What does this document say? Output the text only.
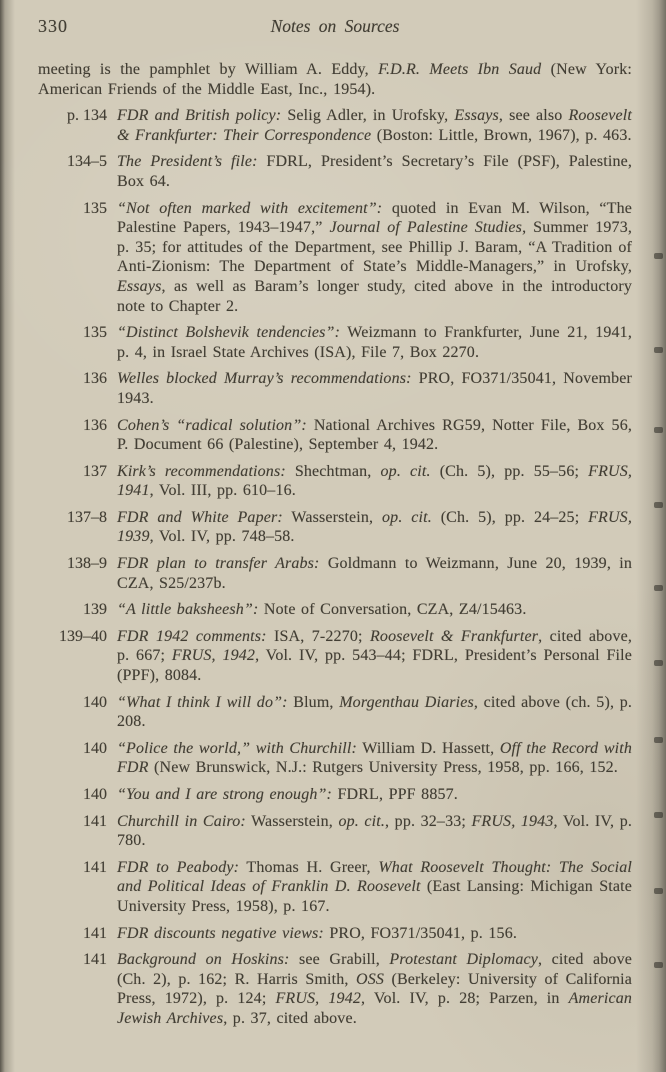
330	Notes on Sources

meeting is the pamphlet by William A. Eddy, F.D.R. Meets Ibn Saud (New York: American Friends of the Middle East, Inc., 1954).

p. 134 FDR and British policy: Selig Adler, in Urofsky, Essays, see also Roosevelt & Frankfurter: Their Correspondence (Boston: Little, Brown, 1967), p. 463.
134–5 The President’s file: FDRL, President’s Secretary’s File (PSF), Palestine, Box 64.
135 “Not often marked with excitement”: quoted in Evan M. Wilson, “The Palestine Papers, 1943–1947,” Journal of Palestine Studies, Summer 1973, p. 35; for attitudes of the Department, see Phillip J. Baram, “A Tradition of Anti-Zionism: The Department of State’s Middle-Managers,” in Urofsky, Essays, as well as Baram’s longer study, cited above in the introductory note to Chapter 2.
135 “Distinct Bolshevik tendencies”: Weizmann to Frankfurter, June 21, 1941, p. 4, in Israel State Archives (ISA), File 7, Box 2270.
136 Welles blocked Murray’s recommendations: PRO, FO371/35041, November 1943.
136 Cohen’s “radical solution”: National Archives RG59, Notter File, Box 56, P. Document 66 (Palestine), September 4, 1942.
137 Kirk’s recommendations: Shechtman, op. cit. (Ch. 5), pp. 55–56; FRUS, 1941, Vol. III, pp. 610–16.
137–8 FDR and White Paper: Wasserstein, op. cit. (Ch. 5), pp. 24–25; FRUS, 1939, Vol. IV, pp. 748–58.
138–9 FDR plan to transfer Arabs: Goldmann to Weizmann, June 20, 1939, in CZA, S25/237b.
139 “A little baksheesh”: Note of Conversation, CZA, Z4/15463.
139–40 FDR 1942 comments: ISA, 7-2270; Roosevelt & Frankfurter, cited above, p. 667; FRUS, 1942, Vol. IV, pp. 543–44; FDRL, President’s Personal File (PPF), 8084.
140 “What I think I will do”: Blum, Morgenthau Diaries, cited above (ch. 5), p. 208.
140 “Police the world,” with Churchill: William D. Hassett, Off the Record with FDR (New Brunswick, N.J.: Rutgers University Press, 1958, pp. 166, 152.
140 “You and I are strong enough”: FDRL, PPF 8857.
141 Churchill in Cairo: Wasserstein, op. cit., pp. 32–33; FRUS, 1943, Vol. IV, p. 780.
141 FDR to Peabody: Thomas H. Greer, What Roosevelt Thought: The Social and Political Ideas of Franklin D. Roosevelt (East Lansing: Michigan State University Press, 1958), p. 167.
141 FDR discounts negative views: PRO, FO371/35041, p. 156.
141 Background on Hoskins: see Grabill, Protestant Diplomacy, cited above (Ch. 2), p. 162; R. Harris Smith, OSS (Berkeley: University of California Press, 1972), p. 124; FRUS, 1942, Vol. IV, p. 28; Parzen, in American Jewish Archives, p. 37, cited above.
